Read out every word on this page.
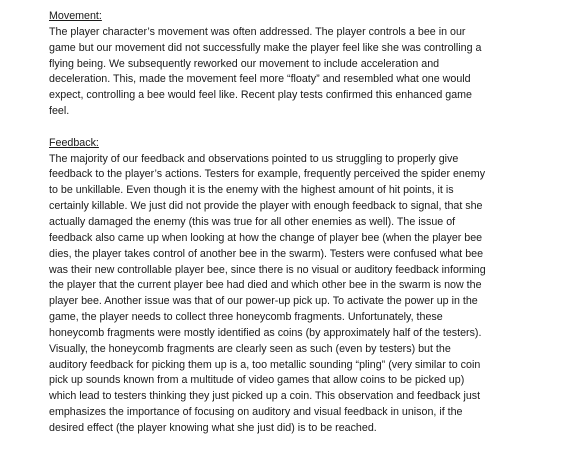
Movement:

The player character’s movement was often addressed. The player controls a bee in our
game but our movement did not successfully make the player feel like she was controlling a
flying being. We subsequently reworked our movement to include acceleration and
deceleration. This, made the movement feel more “floaty” and resembled what one would
expect, controlling a bee would feel like. Recent play tests confirmed this enhanced game
feel.

Feedback:

The majority of our feedback and observations pointed to us struggling to properly give
feedback to the player’s actions. Testers for example, frequently perceived the spider enemy
to be unkillable. Even though it is the enemy with the highest amount of hit points, it is
certainly killable. We just did not provide the player with enough feedback to signal, that she
actually damaged the enemy (this was true for all other enemies as well). The issue of
feedback also came up when looking at how the change of player bee (when the player bee
dies, the player takes control of another bee in the swarm). Testers were confused what bee
was their new controllable player bee, since there is no visual or auditory feedback informing
the player that the current player bee had died and which other bee in the swarm is now the
player bee. Another issue was that of our power-up pick up. To activate the power up in the
game, the player needs to collect three honeycomb fragments. Unfortunately, these
honeycomb fragments were mostly identified as coins (by approximately half of the testers).
Visually, the honeycomb fragments are clearly seen as such (even by testers) but the
auditory feedback for picking them up is a, too metallic sounding “pling” (very similar to coin
pick up sounds known from a multitude of video games that allow coins to be picked up)
which lead to testers thinking they just picked up a coin. This observation and feedback just
emphasizes the importance of focusing on auditory and visual feedback in unison, if the
desired effect (the player knowing what she just did) is to be reached.
